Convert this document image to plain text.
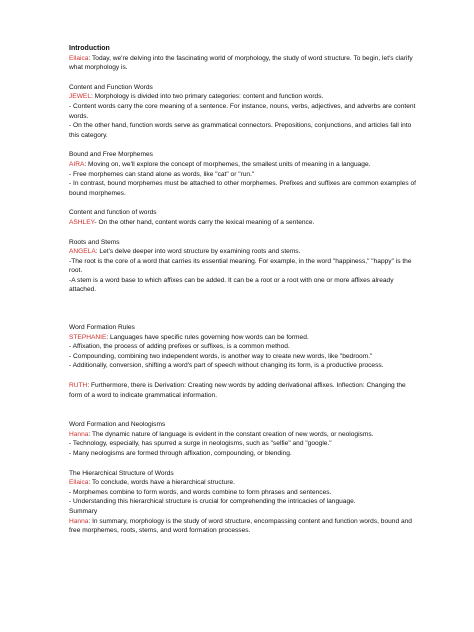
Introduction

Ellaica: Today, we're delving into the fascinating world of morphology, the study of word structure. To begin, let's clarify what morphology is.

Content and Function Words

JEWEL: Morphology is divided into two primary categories: content and function words.

- Content words carry the core meaning of a sentence. For instance, nouns, verbs, adjectives, and adverbs are content words.

- On the other hand, function words serve as grammatical connectors. Prepositions, conjunctions, and articles fall into this category.

Bound and Free Morphemes

AIRA: Moving on, we'll explore the concept of morphemes, the smallest units of meaning in a language.

- Free morphemes can stand alone as words, like "cat" or "run."

- In contrast, bound morphemes must be attached to other morphemes. Prefixes and suffixes are common examples of bound morphemes.

Content and function of words

ASHLEY- On the other hand, content words carry the lexical meaning of a sentence.

Roots and Stems

ANGELA: Let's delve deeper into word structure by examining roots and stems.

-The root is the core of a word that carries its essential meaning. For example, in the word "happiness," "happy" is the root.

-A stem is a word base to which affixes can be added. It can be a root or a root with one or more affixes already attached.

Word Formation Rules

STEPHANIE: Languages have specific rules governing how words can be formed.

- Affixation, the process of adding prefixes or suffixes, is a common method.

- Compounding, combining two independent words, is another way to create new words, like "bedroom."

- Additionally, conversion, shifting a word's part of speech without changing its form, is a productive process.

RUTH: Furthermore, there is Derivation: Creating new words by adding derivational affixes. Inflection: Changing the form of a word to indicate grammatical information.

Word Formation and Neologisms

Hanna: The dynamic nature of language is evident in the constant creation of new words, or neologisms.

- Technology, especially, has spurred a surge in neologisms, such as "selfie" and "google."

- Many neologisms are formed through affixation, compounding, or blending.

The Hierarchical Structure of Words

Ellaica: To conclude, words have a hierarchical structure.

- Morphemes combine to form words, and words combine to form phrases and sentences.

- Understanding this hierarchical structure is crucial for comprehending the intricacies of language.

Summary

Hanna: In summary, morphology is the study of word structure, encompassing content and function words, bound and free morphemes, roots, stems, and word formation processes.
